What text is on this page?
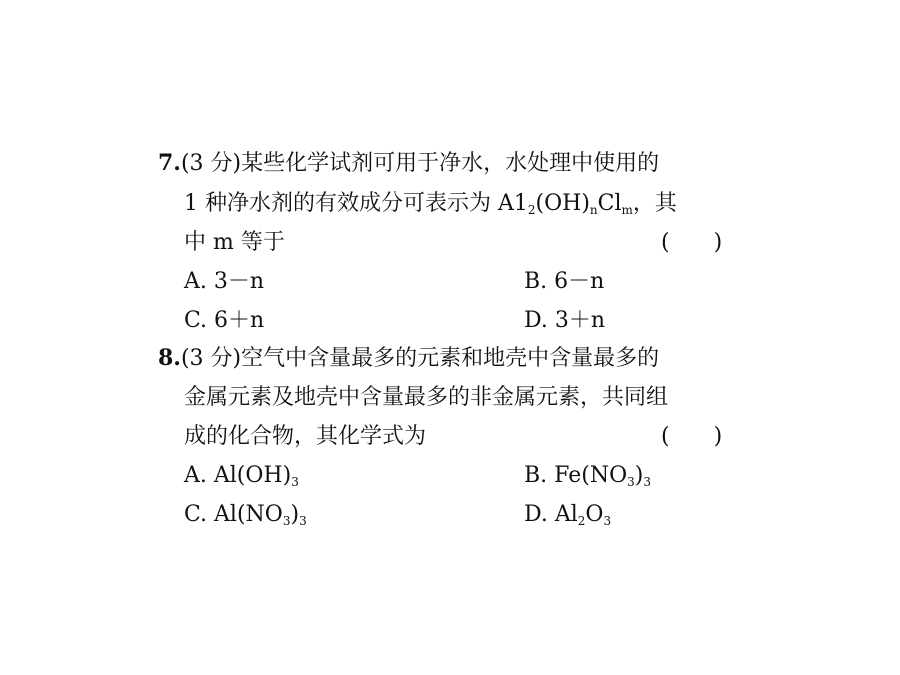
7.(3 分)某些化学试剂可用于净水，水处理中使用的
1 种净水剂的有效成分可表示为 $A1_2(OH)_nCl_m$，其
中 m 等于	(　　)
A. 3－n	B. 6－n
C. 6＋n	D. 3＋n
8.(3 分)空气中含量最多的元素和地壳中含量最多的
金属元素及地壳中含量最多的非金属元素，共同组
成的化合物，其化学式为	(　　)
A. $Al(OH)_3$	B. $Fe(NO_3)_3$
C. $Al(NO_3)_3$	D. $Al_2O_3$
